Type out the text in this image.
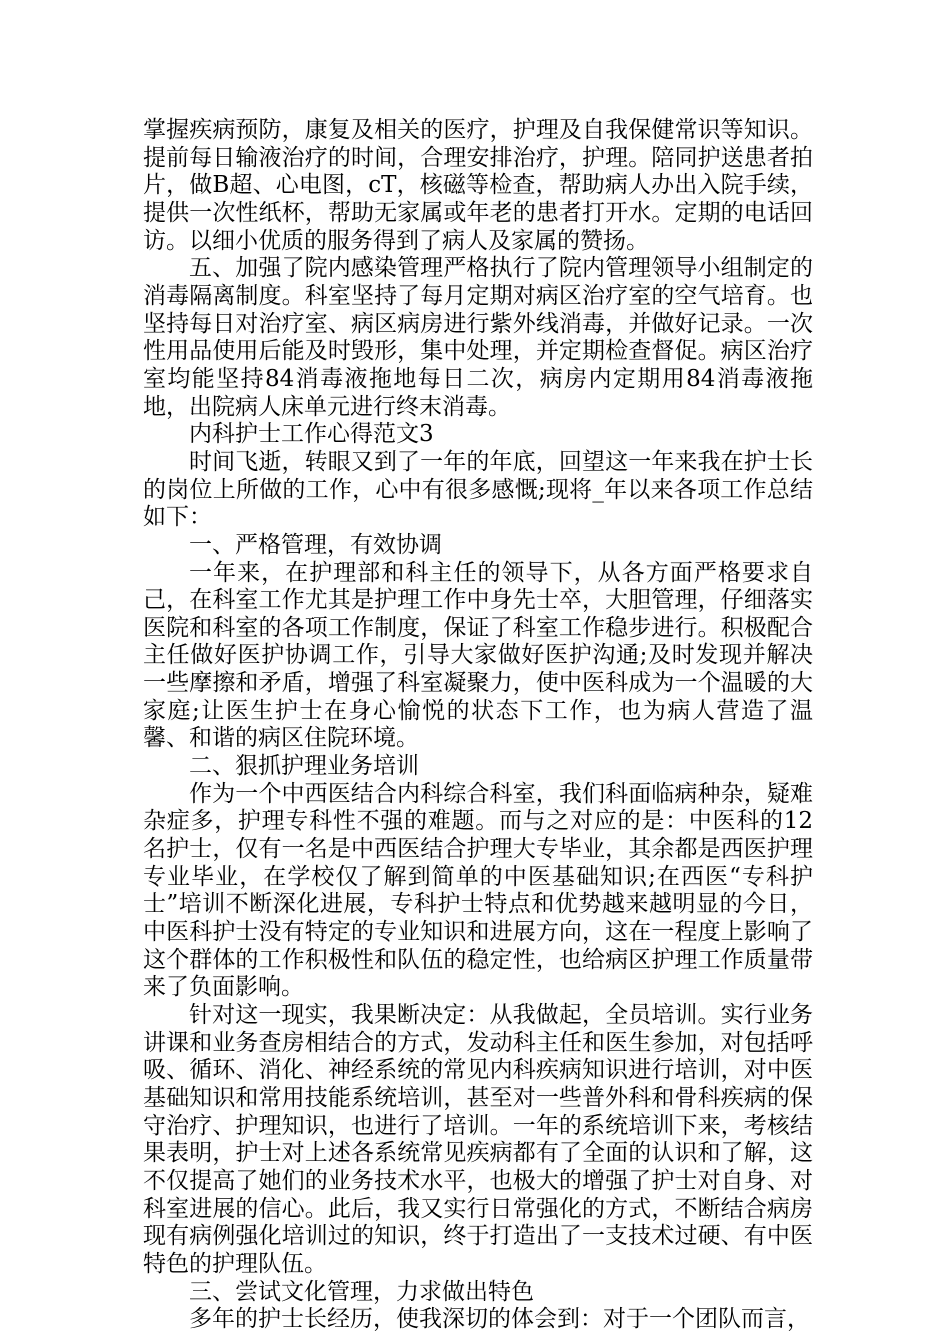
掌握疾病预防，康复及相关的医疗，护理及自我保健常识等知识。提前每日输液治疗的时间，合理安排治疗，护理。陪同护送患者拍片，做B超、心电图，cT，核磁等检查，帮助病人办出入院手续，提供一次性纸杯，帮助无家属或年老的患者打开水。定期的电话回访。以细小优质的服务得到了病人及家属的赞扬。

五、加强了院内感染管理严格执行了院内管理领导小组制定的消毒隔离制度。科室坚持了每月定期对病区治疗室的空气培育。也坚持每日对治疗室、病区病房进行紫外线消毒，并做好记录。一次性用品使用后能及时毁形，集中处理，并定期检查督促。病区治疗室均能坚持84消毒液拖地每日二次，病房内定期用84消毒液拖地，出院病人床单元进行终末消毒。

内科护士工作心得范文3

时间飞逝，转眼又到了一年的年底，回望这一年来我在护士长的岗位上所做的工作，心中有很多感慨;现将_年以来各项工作总结如下：

一、严格管理，有效协调

一年来，在护理部和科主任的领导下，从各方面严格要求自己，在科室工作尤其是护理工作中身先士卒，大胆管理，仔细落实医院和科室的各项工作制度，保证了科室工作稳步进行。积极配合主任做好医护协调工作，引导大家做好医护沟通;及时发现并解决一些摩擦和矛盾，增强了科室凝聚力，使中医科成为一个温暖的大家庭;让医生护士在身心愉悦的状态下工作，也为病人营造了温馨、和谐的病区住院环境。

二、狠抓护理业务培训

作为一个中西医结合内科综合科室，我们科面临病种杂，疑难杂症多，护理专科性不强的难题。而与之对应的是：中医科的12名护士，仅有一名是中西医结合护理大专毕业，其余都是西医护理专业毕业，在学校仅了解到简单的中医基础知识;在西医“专科护士”培训不断深化进展，专科护士特点和优势越来越明显的今日，中医科护士没有特定的专业知识和进展方向，这在一程度上影响了这个群体的工作积极性和队伍的稳定性，也给病区护理工作质量带来了负面影响。

针对这一现实，我果断决定：从我做起，全员培训。实行业务讲课和业务查房相结合的方式，发动科主任和医生参加，对包括呼吸、循环、消化、神经系统的常见内科疾病知识进行培训，对中医基础知识和常用技能系统培训，甚至对一些普外科和骨科疾病的保守治疗、护理知识，也进行了培训。一年的系统培训下来，考核结果表明，护士对上述各系统常见疾病都有了全面的认识和了解，这不仅提高了她们的业务技术水平，也极大的增强了护士对自身、对科室进展的信心。此后，我又实行日常强化的方式，不断结合病房现有病例强化培训过的知识，终于打造出了一支技术过硬、有中医特色的护理队伍。

三、尝试文化管理，力求做出特色

多年的护士长经历，使我深切的体会到：对于一个团队而言，
